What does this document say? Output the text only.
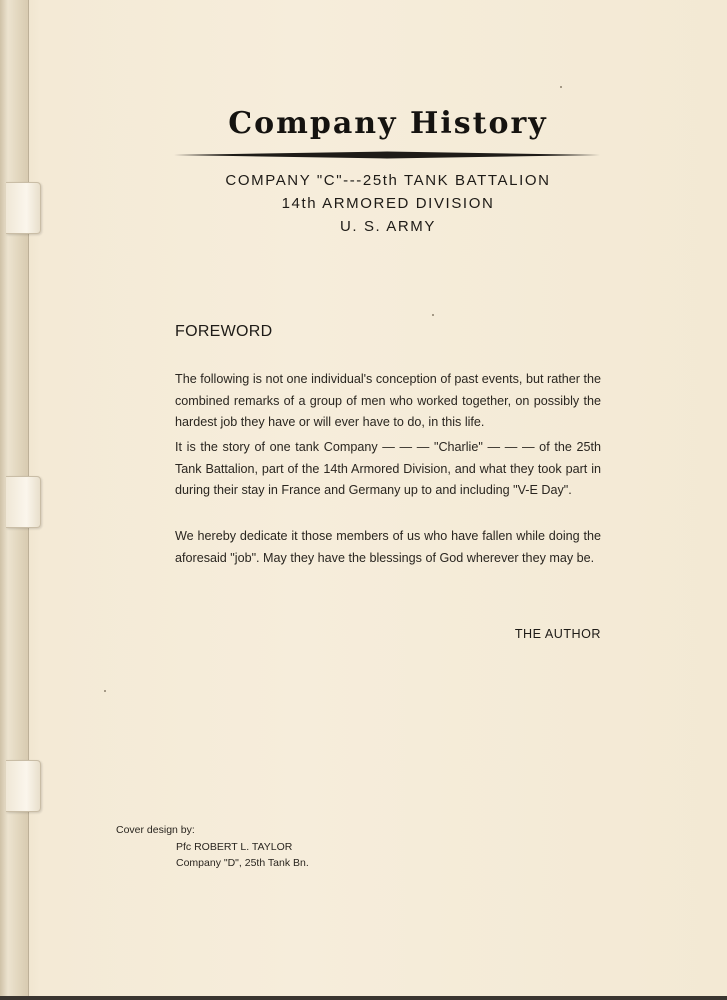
Company History
COMPANY "C"---25th TANK BATTALION
14th ARMORED DIVISION
U. S. ARMY
FOREWORD

The following is not one individual's conception of past events, but rather the combined remarks of a group of men who worked together, on possibly the hardest job they have or will ever have to do, in this life.

It is the story of one tank Company — — — "Charlie" — — — of the 25th Tank Battalion, part of the 14th Armored Division, and what they took part in during their stay in France and Germany up to and including "V-E Day".

We hereby dedicate it those members of us who have fallen while doing the aforesaid "job". May they have the blessings of God wherever they may be.

THE AUTHOR
Cover design by:
Pfc ROBERT L. TAYLOR
Company "D", 25th Tank Bn.
